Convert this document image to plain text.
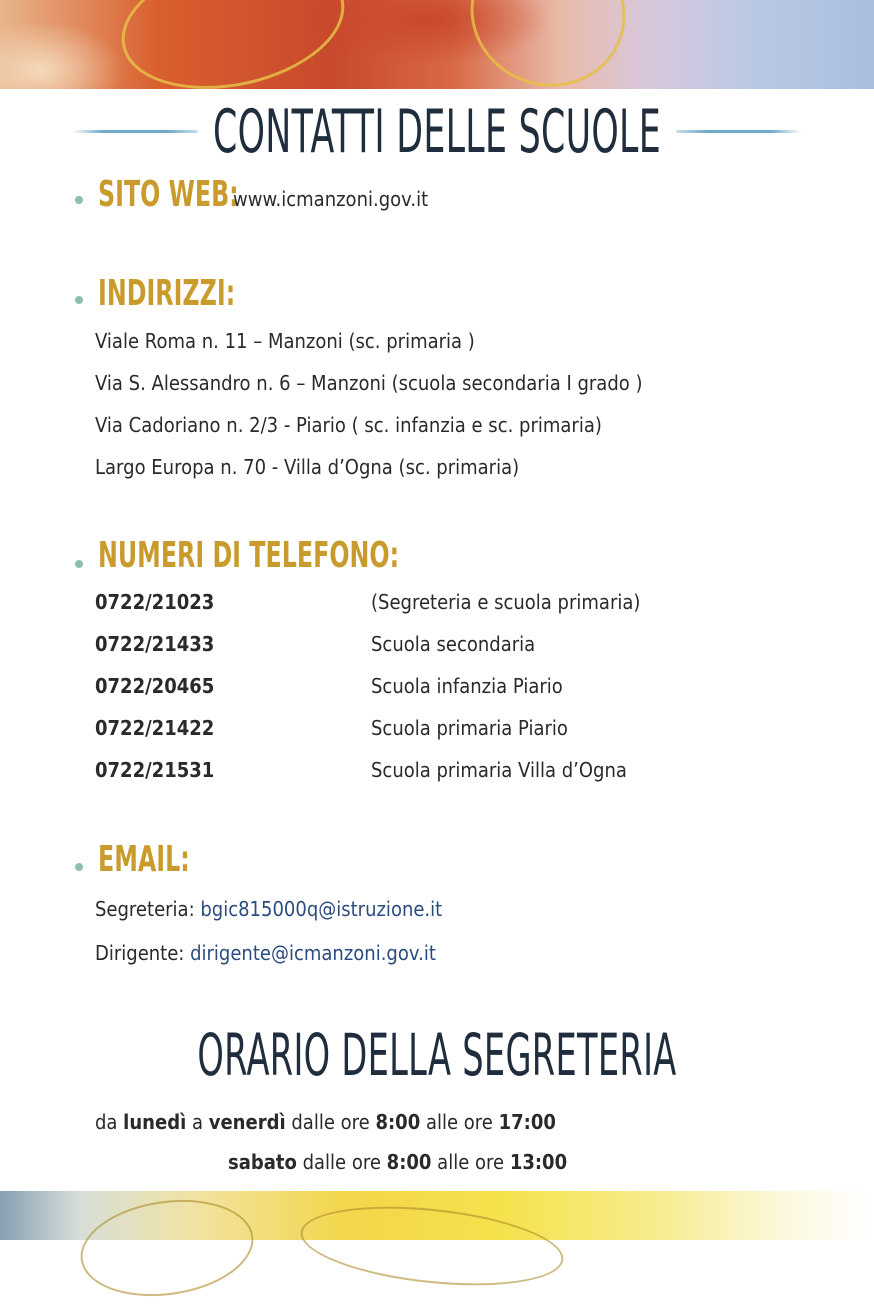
CONTATTI DELLE SCUOLE
SITO WEB:
www.icmanzoni.gov.it
INDIRIZZI:
Viale Roma n. 11 – Manzoni (sc. primaria )
Via S. Alessandro n. 6 – Manzoni (scuola secondaria I grado )
Via Cadoriano n. 2/3 - Piario ( sc. infanzia e sc. primaria)
Largo Europa n. 70 - Villa d’Ogna (sc. primaria)
NUMERI DI TELEFONO:
0722/21023	(Segreteria e scuola primaria)
0722/21433	Scuola secondaria
0722/20465	Scuola infanzia Piario
0722/21422	Scuola primaria Piario
0722/21531	Scuola primaria Villa d’Ogna
EMAIL:
Segreteria: bgic815000q@istruzione.it
Dirigente: dirigente@icmanzoni.gov.it
ORARIO DELLA SEGRETERIA
da lunedì a venerdì dalle ore 8:00 alle ore 17:00
sabato dalle ore 8:00 alle ore 13:00
